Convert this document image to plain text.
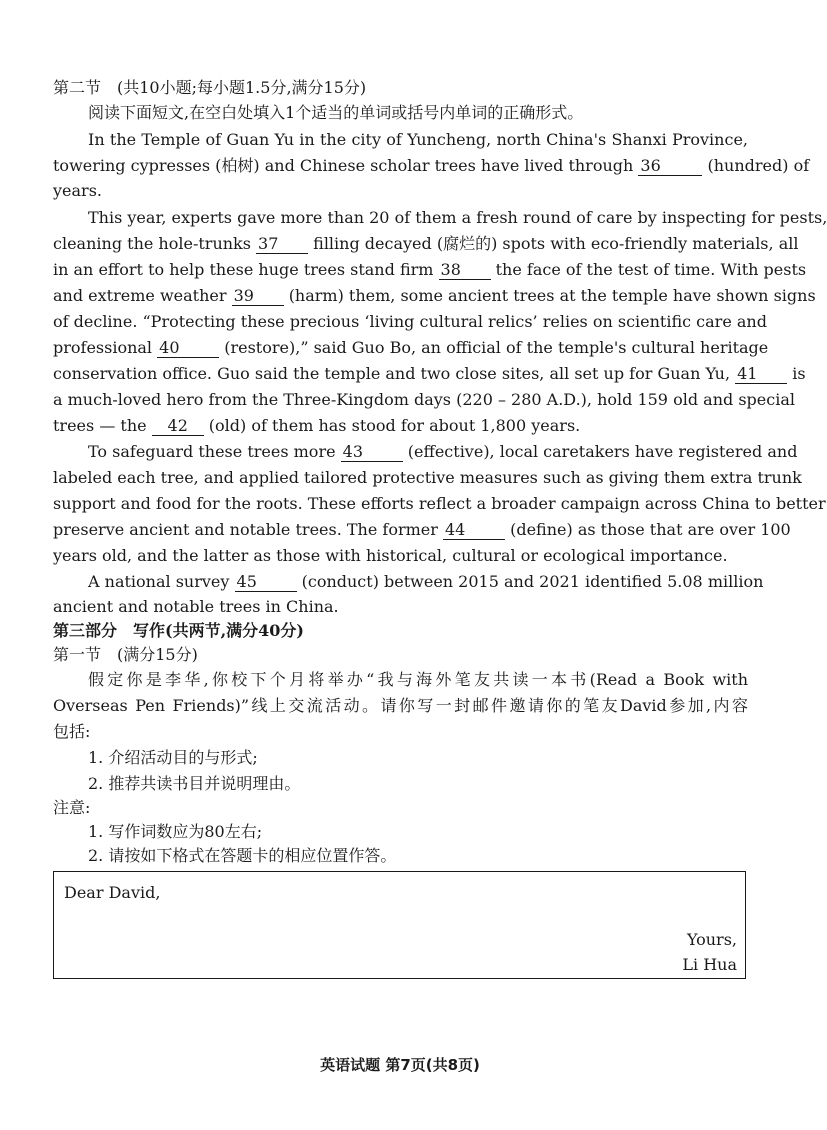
第二节　(共10小题;每小题1.5分,满分15分)
阅读下面短文,在空白处填入1个适当的单词或括号内单词的正确形式。
In the Temple of Guan Yu in the city of Yuncheng, north China's Shanxi Province,
towering cypresses (柏树) and Chinese scholar trees have lived through 36	(hundred) of
years.
This year, experts gave more than 20 of them a fresh round of care by inspecting for pests,
cleaning the hole-trunks 37 filling decayed (腐烂的) spots with eco-friendly materials, all
in an effort to help these huge trees stand firm 38 the face of the test of time. With pests
and extreme weather 39 (harm) them, some ancient trees at the temple have shown signs
of decline. “Protecting these precious ‘living cultural relics’ relies on scientific care and
professional 40	(restore),” said Guo Bo, an official of the temple's cultural heritage
conservation office. Guo said the temple and two close sites, all set up for Guan Yu, 41 is
a much-loved hero from the Three-Kingdom days (220 – 280 A.D.), hold 159 old and special
trees — the 42 (old) of them has stood for about 1,800 years.
To safeguard these trees more 43	(effective), local caretakers have registered and
labeled each tree, and applied tailored protective measures such as giving them extra trunk
support and food for the roots. These efforts reflect a broader campaign across China to better
preserve ancient and notable trees. The former 44	(define) as those that are over 100
years old, and the latter as those with historical, cultural or ecological importance.
A national survey 45	(conduct) between 2015 and 2021 identified 5.08 million
ancient and notable trees in China.
第三部分　写作(共两节,满分40分)
第一节　(满分15分)
假定你是李华,你校下个月将举办“我与海外笔友共读一本书(Read a Book with
Overseas Pen Friends)”线上交流活动。请你写一封邮件邀请你的笔友David参加,内容
包括:
1. 介绍活动目的与形式;
2. 推荐共读书目并说明理由。
注意:
1. 写作词数应为80左右;
2. 请按如下格式在答题卡的相应位置作答。
Dear David,
Yours,
Li Hua
英语试题 第7页(共8页)
